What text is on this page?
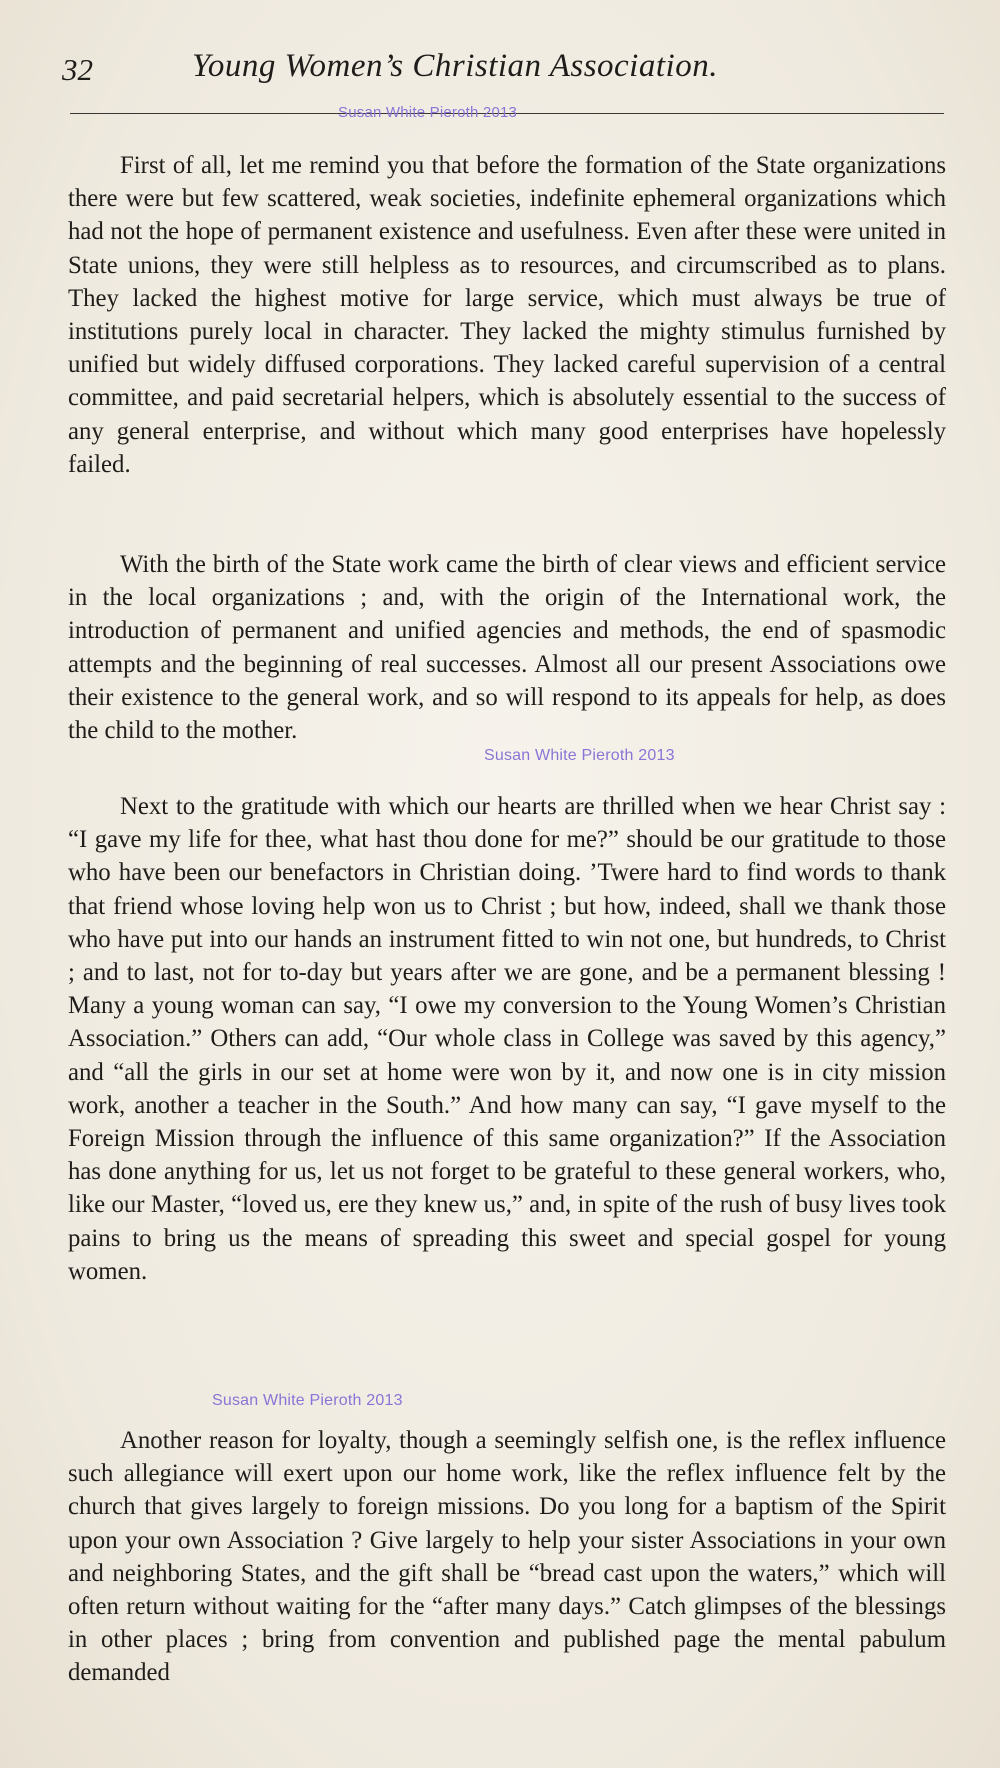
32	Young Women’s Christian Association.
Susan White Pieroth 2013

First of all, let me remind you that before the formation of the State organizations there were but few scattered, weak societies, indefinite ephemeral organizations which had not the hope of permanent existence and usefulness. Even after these were united in State unions, they were still helpless as to resources, and circumscribed as to plans. They lacked the highest motive for large service, which must always be true of institutions purely local in character. They lacked the mighty stimulus furnished by unified but widely diffused corporations. They lacked careful supervision of a central committee, and paid secretarial helpers, which is absolutely essential to the success of any general enterprise, and without which many good enterprises have hopelessly failed.

With the birth of the State work came the birth of clear views and efficient service in the local organizations ; and, with the origin of the International work, the introduction of permanent and unified agencies and methods, the end of spasmodic attempts and the beginning of real successes. Almost all our present Associations owe their existence to the general work, and so will respond to its appeals for help, as does the child to the mother.

Next to the gratitude with which our hearts are thrilled when we hear Christ say : “I gave my life for thee, what hast thou done for me?” should be our gratitude to those who have been our benefactors in Christian doing. ’Twere hard to find words to thank that friend whose loving help won us to Christ ; but how, indeed, shall we thank those who have put into our hands an instrument fitted to win not one, but hundreds, to Christ ; and to last, not for to-day but years after we are gone, and be a permanent blessing ! Many a young woman can say, “I owe my conversion to the Young Women’s Christian Association.” Others can add, “Our whole class in College was saved by this agency,” and “all the girls in our set at home were won by it, and now one is in city mission work, another a teacher in the South.” And how many can say, “I gave myself to the Foreign Mission through the influence of this same organization?” If the Association has done anything for us, let us not forget to be grateful to these general workers, who, like our Master, “loved us, ere they knew us,” and, in spite of the rush of busy lives took pains to bring us the means of spreading this sweet and special gospel for young women.

Another reason for loyalty, though a seemingly selfish one, is the reflex influence such allegiance will exert upon our home work, like the reflex influence felt by the church that gives largely to foreign missions. Do you long for a baptism of the Spirit upon your own Association ? Give largely to help your sister Associations in your own and neighboring States, and the gift shall be “bread cast upon the waters,” which will often return without waiting for the “after many days.” Catch glimpses of the blessings in other places ; bring from convention and published page the mental pabulum demanded

Susan White Pieroth 2013
Susan White Pieroth 2013
